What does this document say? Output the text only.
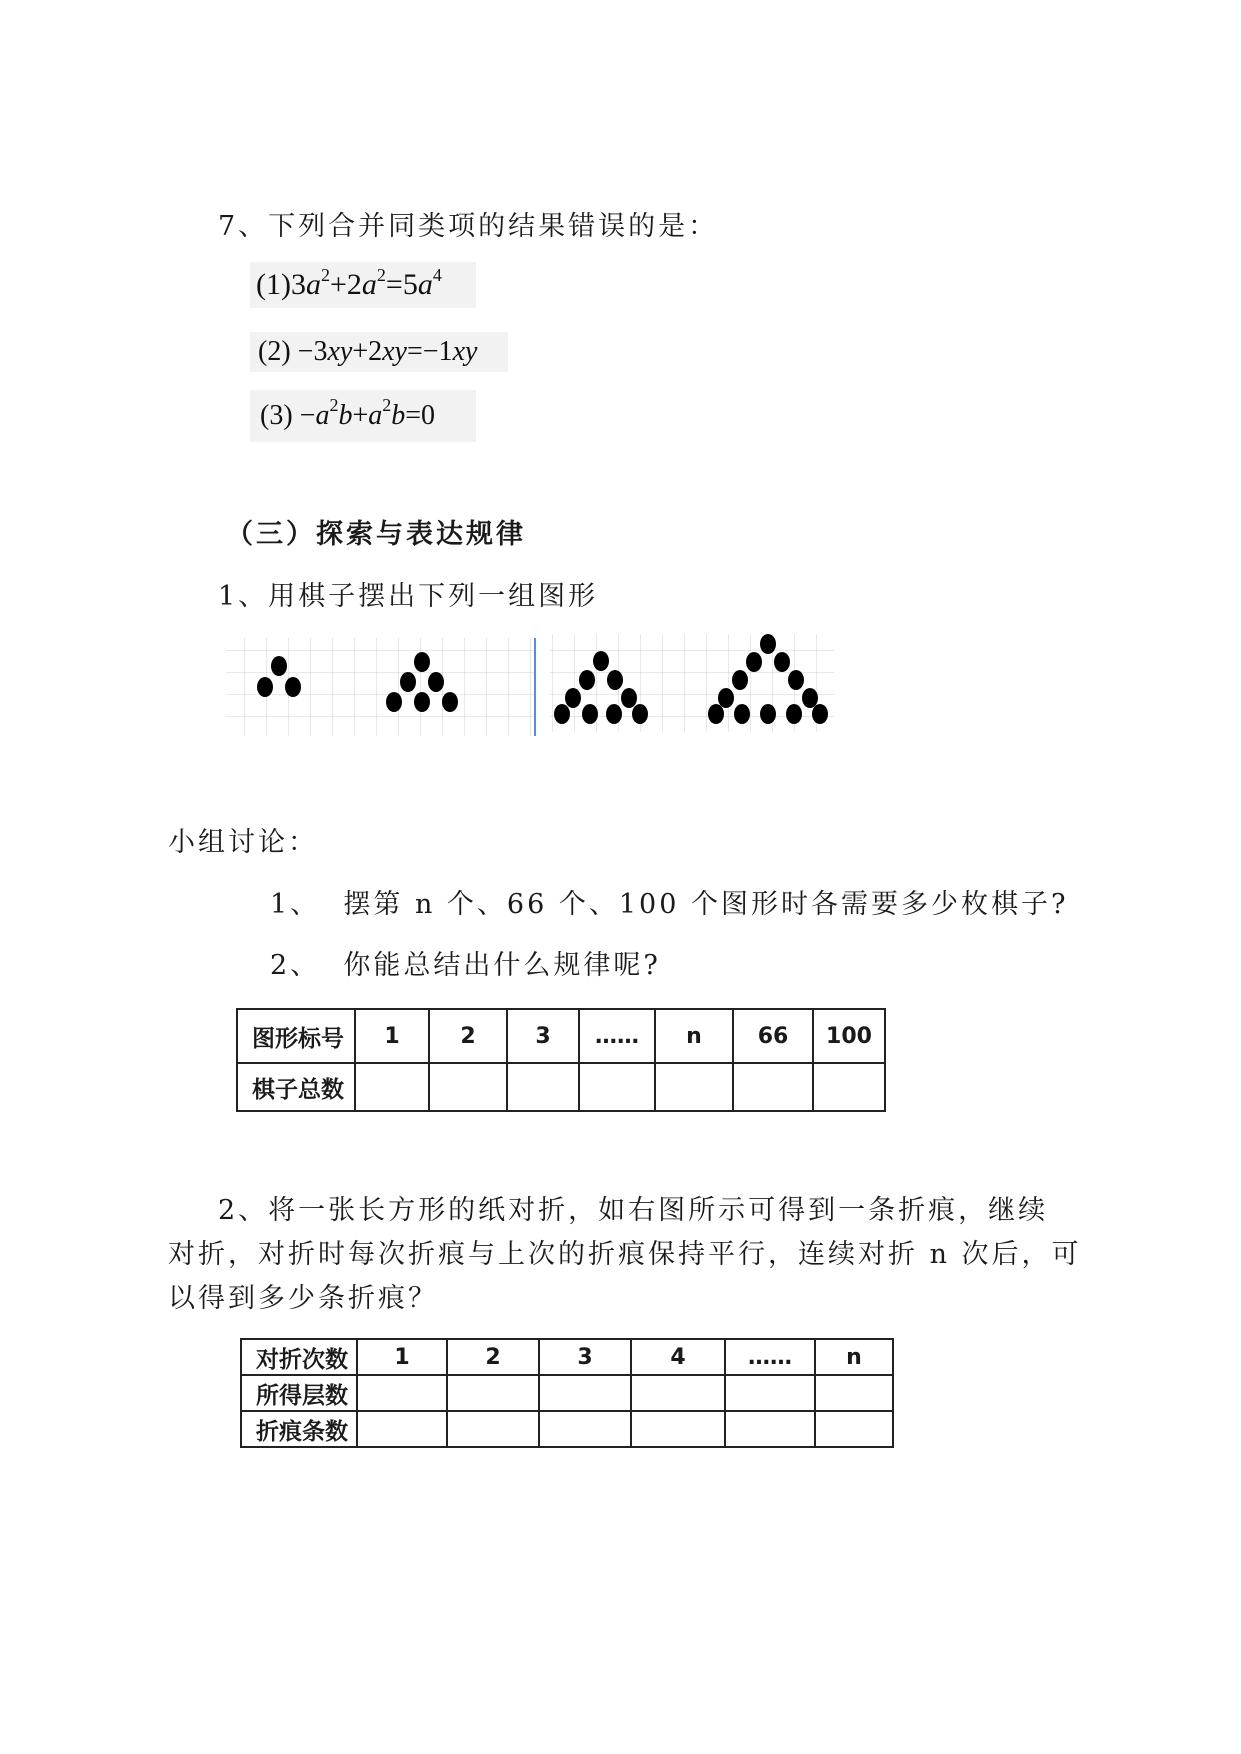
7、下列合并同类项的结果错误的是：
$(1)3a^2+2a^2=5a^4$
(2) −3xy+2xy=−1xy
$(3) -a^2b+a^2b=0$
（三）探索与表达规律
1、用棋子摆出下列一组图形
小组讨论：
1、 摆第 n 个、66 个、100 个图形时各需要多少枚棋子?
2、 你能总结出什么规律呢?
图形标号	1	2	3	……	n	66	100
棋子总数							
2、将一张长方形的纸对折，如右图所示可得到一条折痕，继续
对折，对折时每次折痕与上次的折痕保持平行，连续对折 n 次后，可
以得到多少条折痕？
对折次数	1	2	3	4	……	n
所得层数						
折痕条数						
